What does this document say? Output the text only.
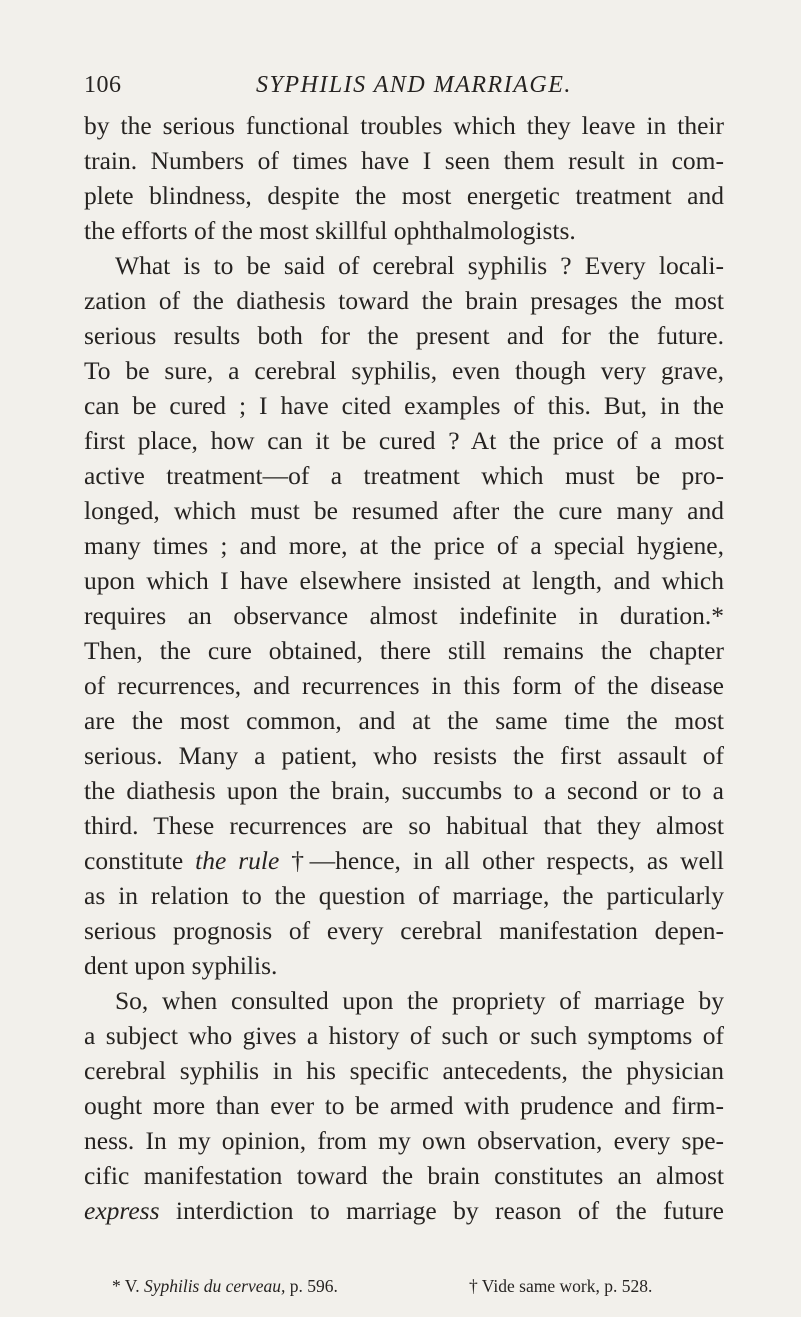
106	SYPHILIS AND MARRIAGE.
by the serious functional troubles which they leave in their
train. Numbers of times have I seen them result in com-
plete blindness, despite the most energetic treatment and
the efforts of the most skillful ophthalmologists.
What is to be said of cerebral syphilis ? Every locali-
zation of the diathesis toward the brain presages the most
serious results both for the present and for the future.
To be sure, a cerebral syphilis, even though very grave,
can be cured ; I have cited examples of this. But, in the
first place, how can it be cured ? At the price of a most
active treatment—of a treatment which must be pro-
longed, which must be resumed after the cure many and
many times ; and more, at the price of a special hygiene,
upon which I have elsewhere insisted at length, and which
requires an observance almost indefinite in duration.*
Then, the cure obtained, there still remains the chapter
of recurrences, and recurrences in this form of the disease
are the most common, and at the same time the most
serious. Many a patient, who resists the first assault of
the diathesis upon the brain, succumbs to a second or to a
third. These recurrences are so habitual that they almost
constitute the rule †—hence, in all other respects, as well
as in relation to the question of marriage, the particularly
serious prognosis of every cerebral manifestation depen-
dent upon syphilis.
So, when consulted upon the propriety of marriage by
a subject who gives a history of such or such symptoms of
cerebral syphilis in his specific antecedents, the physician
ought more than ever to be armed with prudence and firm-
ness. In my opinion, from my own observation, every spe-
cific manifestation toward the brain constitutes an almost
express interdiction to marriage by reason of the future
* V. Syphilis du cerveau, p. 596.	† Vide same work, p. 528.
